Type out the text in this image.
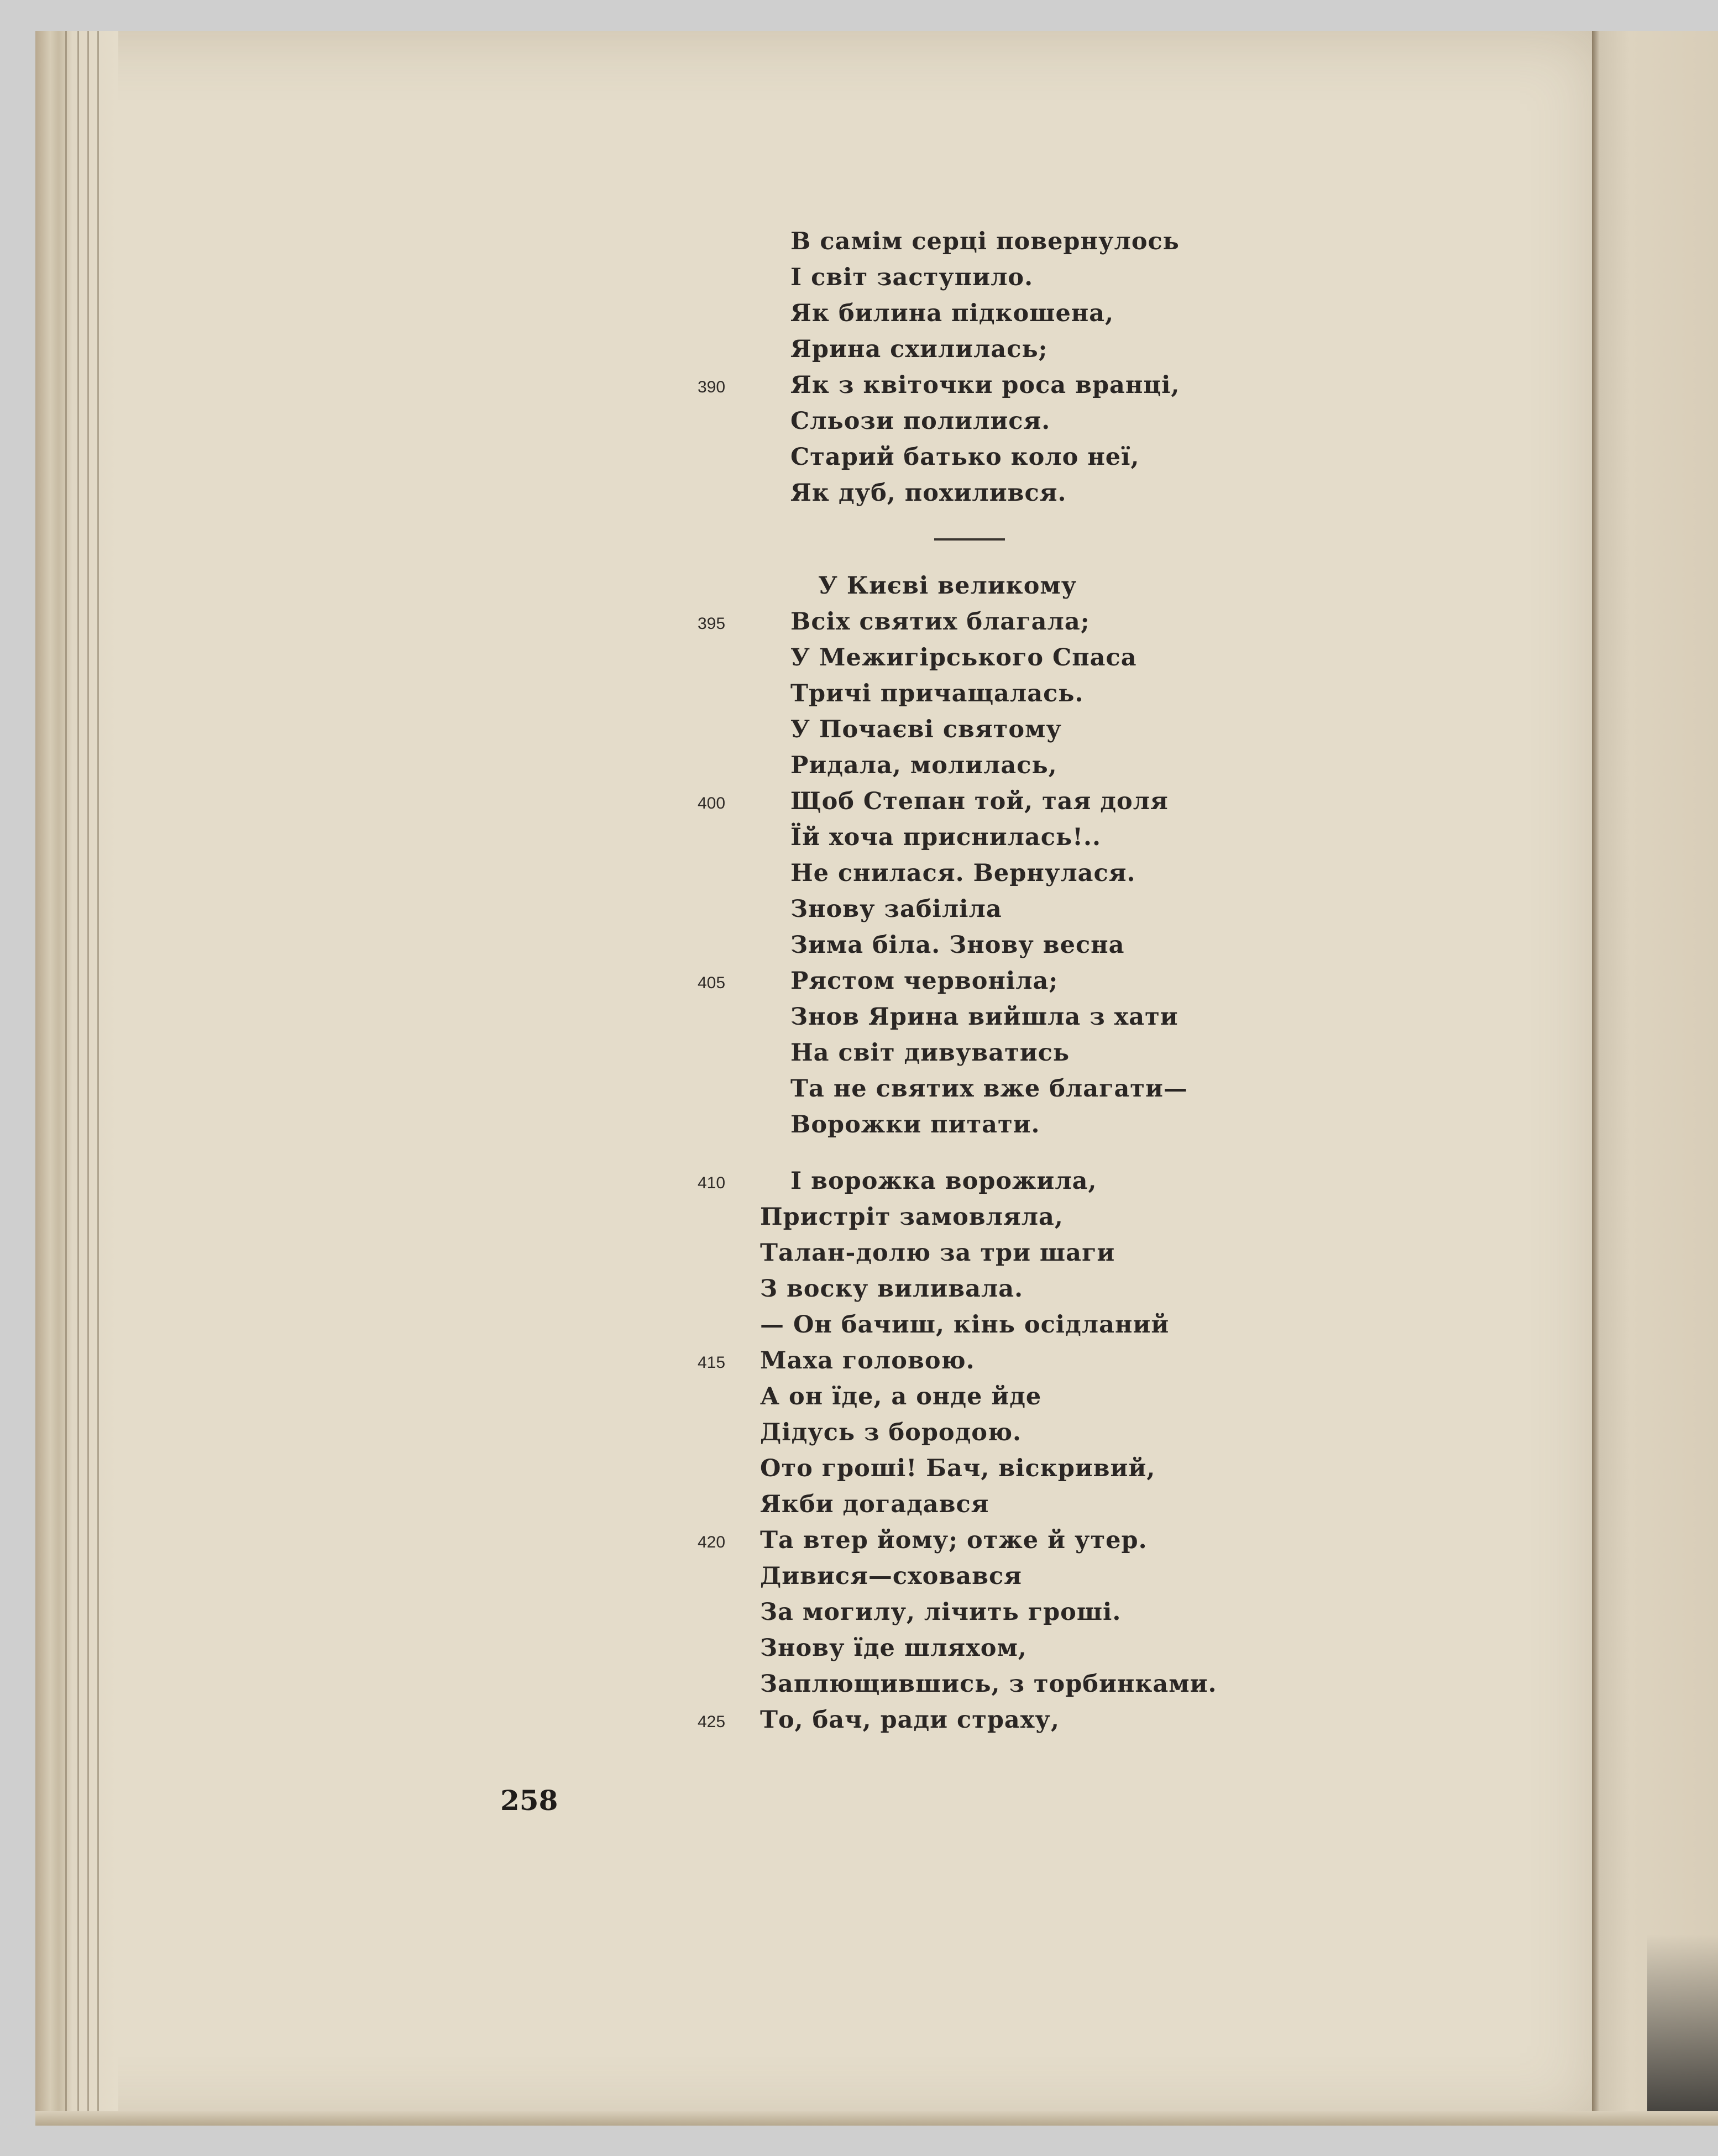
В самім серці повернулось
І світ заступило.
Як билина підкошена,
Ярина схилилась;
Як з квіточки роса вранці,
Сльози полилися.
Старий батько коло неї,
Як дуб, похилився.
У Києві великому
Всіх святих благала;
У Межигірського Спаса
Тричі причащалась.
У Почаєві святому
Ридала, молилась,
Щоб Степан той, тая доля
Їй хоча приснилась!..
Не снилася. Вернулася.
Знову забіліла
Зима біла. Знову весна
Рястом червоніла;
Знов Ярина вийшла з хати
На світ дивуватись
Та не святих вже благати—
Ворожки питати.
І ворожка ворожила,
Пристріт замовляла,
Талан-долю за три шаги
З воску виливала.
— Он бачиш, кінь осідланий
Маха головою.
А он їде, а онде йде
Дідусь з бородою.
Ото гроші! Бач, віскривий,
Якби догадався
Та втер йому; отже й утер.
Дивися—сховався
За могилу, лічить гроші.
Знову їде шляхом,
Заплющившись, з торбинками.
То, бач, ради страху,
390
395
400
405
410
415
420
425
258
